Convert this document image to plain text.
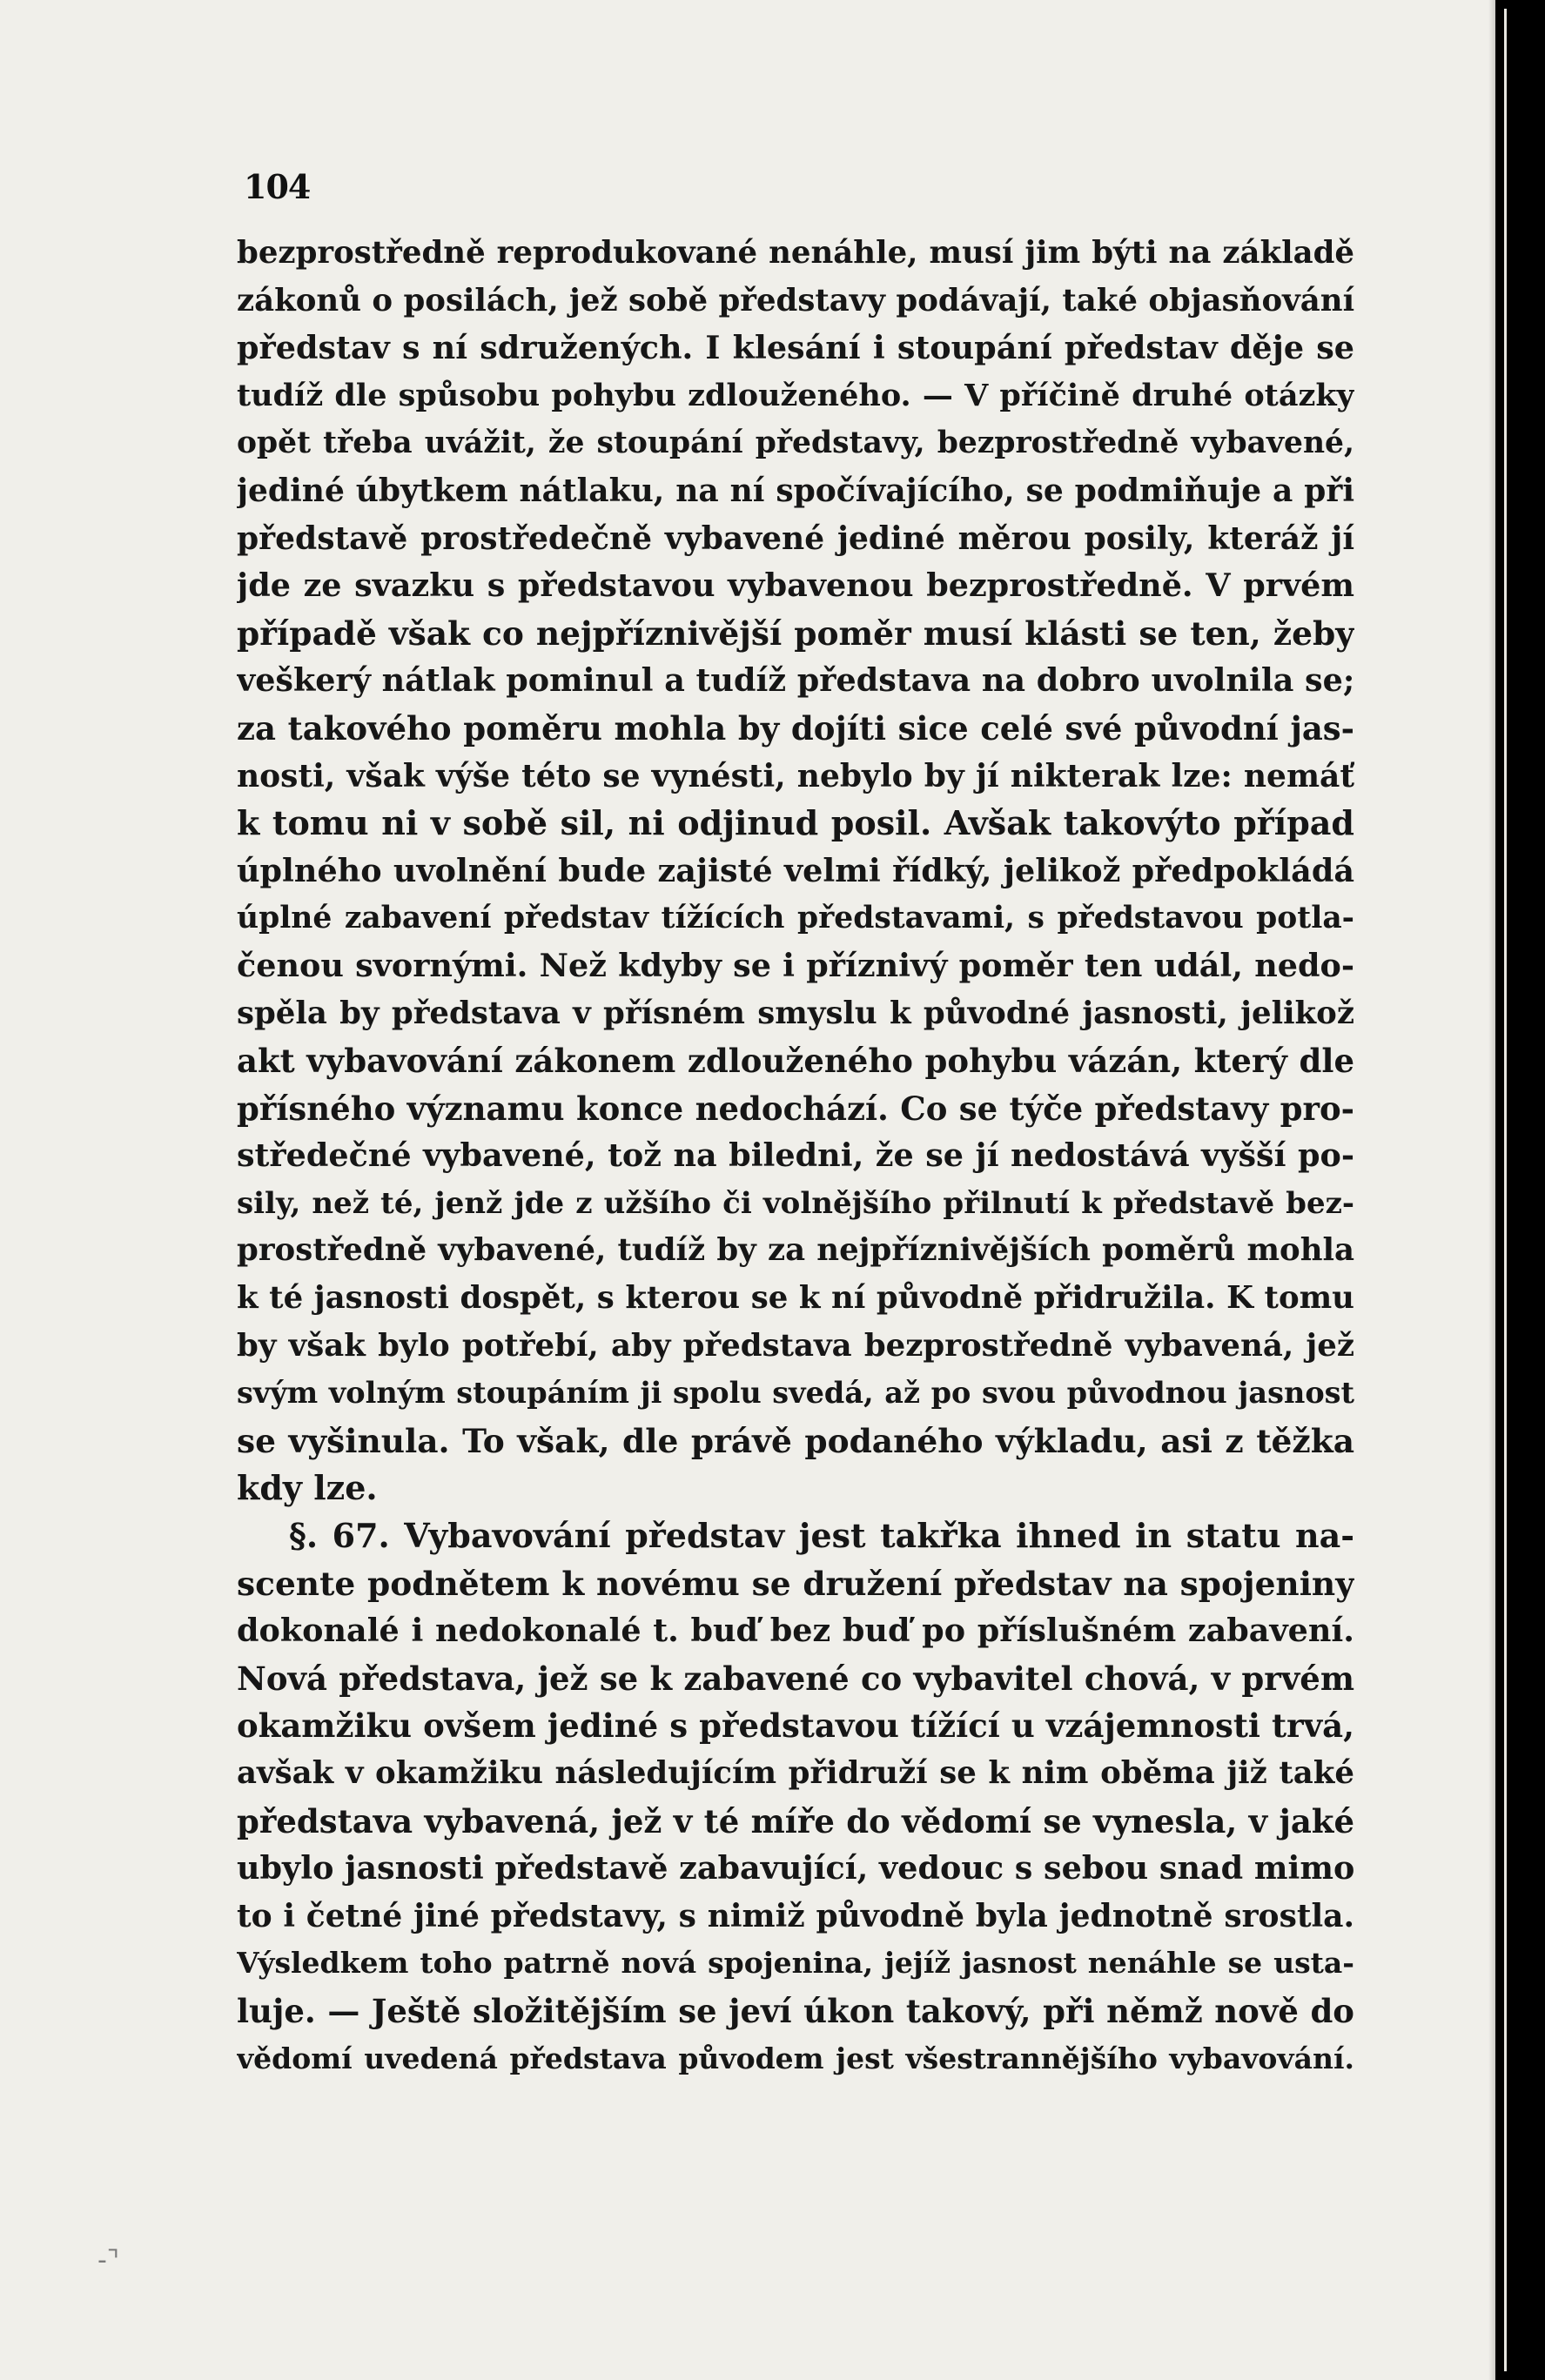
104
bezprostředně reprodukované nenáhle, musí jim býti na základě
zákonů o posilách, jež sobě představy podávají, také objasňování
představ s ní sdružených. I klesání i stoupání představ děje se
tudíž dle spůsobu pohybu zdlouženého. — V příčině druhé otázky
opět třeba uvážit, že stoupání představy, bezprostředně vybavené,
jediné úbytkem nátlaku, na ní spočívajícího, se podmiňuje a při
představě prostředečně vybavené jediné měrou posily, kteráž jí
jde ze svazku s představou vybavenou bezprostředně. V prvém
případě však co nejpříznivější poměr musí klásti se ten, žeby
veškerý nátlak pominul a tudíž představa na dobro uvolnila se;
za takového poměru mohla by dojíti sice celé své původní jas-
nosti, však výše této se vynésti, nebylo by jí nikterak lze: nemáť
k tomu ni v sobě sil, ni odjinud posil. Avšak takovýto případ
úplného uvolnění bude zajisté velmi řídký, jelikož předpokládá
úplné zabavení představ tížících představami, s představou potla-
čenou svornými. Než kdyby se i příznivý poměr ten udál, nedo-
spěla by představa v přísném smyslu k původné jasnosti, jelikož
akt vybavování zákonem zdlouženého pohybu vázán, který dle
přísného významu konce nedochází. Co se týče představy pro-
středečné vybavené, tož na biledni, že se jí nedostává vyšší po-
sily, než té, jenž jde z užšího či volnějšího přilnutí k představě bez-
prostředně vybavené, tudíž by za nejpříznivějších poměrů mohla
k té jasnosti dospět, s kterou se k ní původně přidružila. K tomu
by však bylo potřebí, aby představa bezprostředně vybavená, jež
svým volným stoupáním ji spolu svedá, až po svou původnou jasnost
se vyšinula. To však, dle právě podaného výkladu, asi z těžka
kdy lze.
§. 67. Vybavování představ jest takřka ihned in statu na-
scente podnětem k novému se družení představ na spojeniny
dokonalé i nedokonalé t. buď bez buď po příslušném zabavení.
Nová představa, jež se k zabavené co vybavitel chová, v prvém
okamžiku ovšem jediné s představou tížící u vzájemnosti trvá,
avšak v okamžiku následujícím přidruží se k nim oběma již také
představa vybavená, jež v té míře do vědomí se vynesla, v jaké
ubylo jasnosti představě zabavující, vedouc s sebou snad mimo
to i četné jiné představy, s nimiž původně byla jednotně srostla.
Výsledkem toho patrně nová spojenina, jejíž jasnost nenáhle se usta-
luje. — Ještě složitějším se jeví úkon takový, při němž nově do
vědomí uvedená představa původem jest všestrannějšího vybavování.
-⌝
